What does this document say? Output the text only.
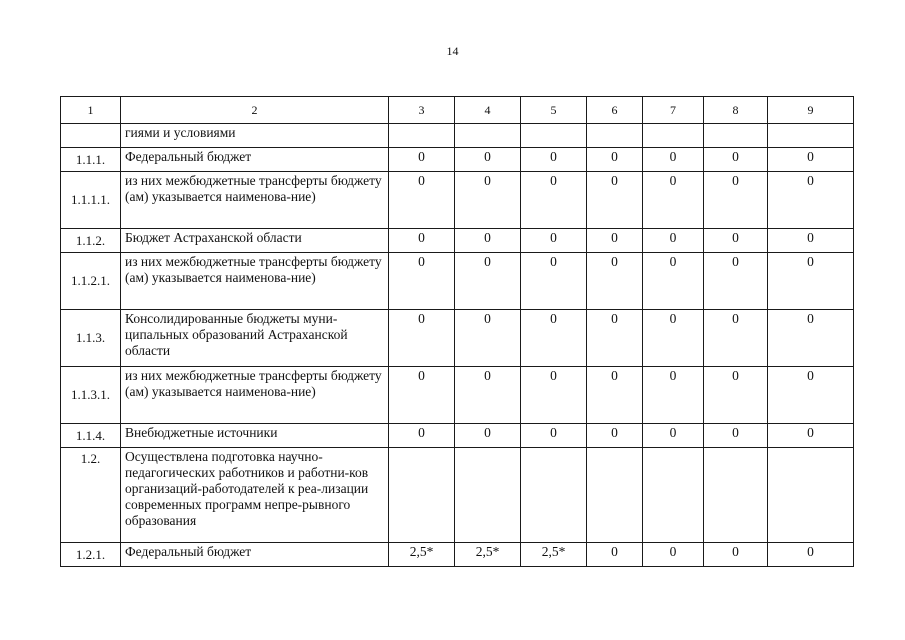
14
1	2	3	4	5	6	7	8	9
	гиями и условиями							
1.1.1.	Федеральный бюджет	0	0	0	0	0	0	0
1.1.1.1.	из них межбюджетные трансферты бюджету (ам) указывается наименова-ние)	0	0	0	0	0	0	0
1.1.2.	Бюджет Астраханской области	0	0	0	0	0	0	0
1.1.2.1.	из них межбюджетные трансферты бюджету (ам) указывается наименова-ние)	0	0	0	0	0	0	0
1.1.3.	Консолидированные бюджеты муни-ципальных образований Астраханской области	0	0	0	0	0	0	0
1.1.3.1.	из них межбюджетные трансферты бюджету (ам) указывается наименова-ние)	0	0	0	0	0	0	0
1.1.4.	Внебюджетные источники	0	0	0	0	0	0	0
1.2.	Осуществлена подготовка научно-педагогических работников и работни-ков организаций-работодателей к реа-лизации современных программ непре-рывного образования							
1.2.1.	Федеральный бюджет	2,5*	2,5*	2,5*	0	0	0	0
